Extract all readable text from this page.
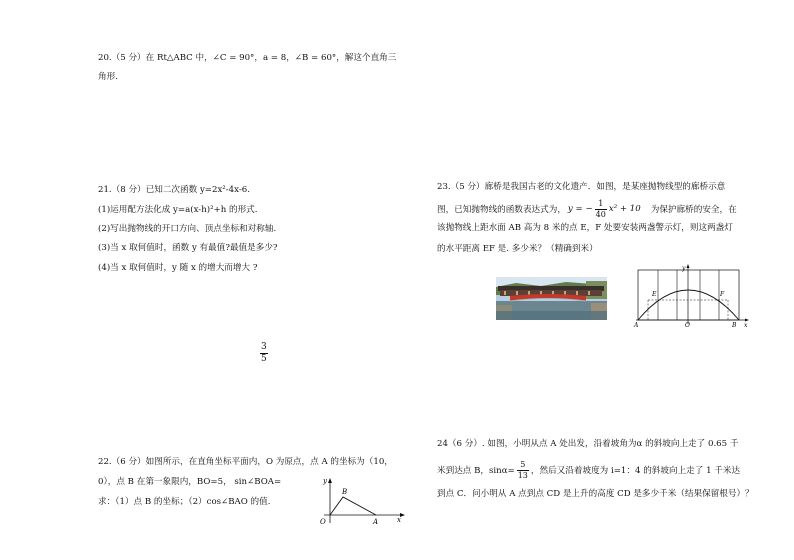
20.（5 分）在 Rt△ABC 中，∠C = 90°，a = 8，∠B = 60°，解这个直角三
角形.
21.（8 分）已知二次函数 y=2x²-4x-6.
(1)运用配方法化成 y=a(x-h)²+h 的形式.
(2)写出抛物线的开口方向、顶点坐标和对称轴.
(3)当 x 取何值时，函数 y 有最值?最值是多少?
(4)当 x 取何值时，y 随 x 的增大而增大 ?
$\frac{3}{5}$
22.（6 分）如图所示，在直角坐标平面内，O 为原点，点 A 的坐标为（10，
0），点 B 在第一象限内，BO=5， sin∠BOA=
求：（1）点 B 的坐标；（2）cos∠BAO 的值.
y
x
O	A
B
23.（5 分）廊桥是我国古老的文化遗产．如图，是某座抛物线型的廊桥示意
图，已知抛物线的函数表达式为， y = − $\frac{1}{40} x^2 + 10$ 为保护廊桥的安全，在
该抛物线上距水面 AB 高为 8 米的点 E，F 处要安装两盏警示灯，则这两盏灯
的水平距离 EF 是. 多少米？（精确到米）
y
x
E	F
A	O	B
24（6 分）. 如图，小明从点 A 处出发，沿着坡角为α 的斜坡向上走了 0.65 千
米到达点 B，$\sin\alpha= \frac{5}{13}$ ，然后又沿着坡度为 i=1：4 的斜坡向上走了 1 千米达
到点 C．问小明从 A 点到点 CD 是上升的高度 CD 是多少千米（结果保留根号）？
